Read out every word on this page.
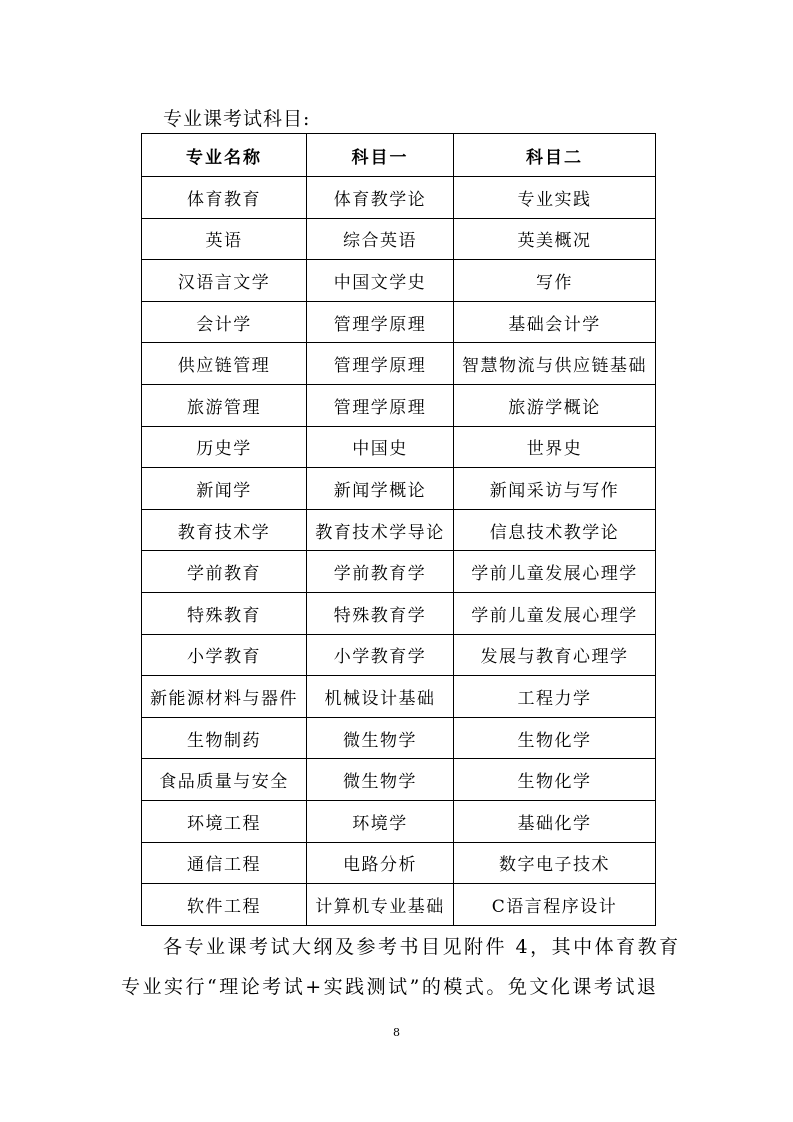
专业课考试科目:
专业名称	科目一	科目二
体育教育	体育教学论	专业实践
英语	综合英语	英美概况
汉语言文学	中国文学史	写作
会计学	管理学原理	基础会计学
供应链管理	管理学原理	智慧物流与供应链基础
旅游管理	管理学原理	旅游学概论
历史学	中国史	世界史
新闻学	新闻学概论	新闻采访与写作
教育技术学	教育技术学导论	信息技术教学论
学前教育	学前教育学	学前儿童发展心理学
特殊教育	特殊教育学	学前儿童发展心理学
小学教育	小学教育学	发展与教育心理学
新能源材料与器件	机械设计基础	工程力学
生物制药	微生物学	生物化学
食品质量与安全	微生物学	生物化学
环境工程	环境学	基础化学
通信工程	电路分析	数字电子技术
软件工程	计算机专业基础	C语言程序设计
各专业课考试大纲及参考书目见附件 4，其中体育教育
专业实行“理论考试+实践测试”的模式。免文化课考试退
8
